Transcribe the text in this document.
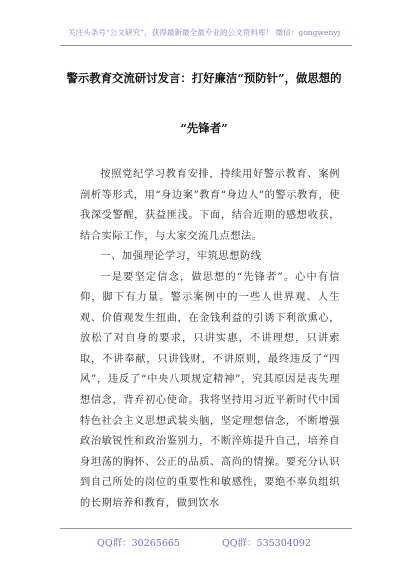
关注头条号“公文研究”，获得最新最全最专业的公文资料库！ 微信：gongwenyj
警示教育交流研讨发言：打好廉洁“预防针”，做思想的
“先锋者”

按照党纪学习教育安排，持续用好警示教育、案例剖析等形式，用“身边案”教育“身边人”的警示教育，使我深受警醒，获益匪浅。下面，结合近期的感想收获，结合实际工作，与大家交流几点想法。

一、加强理论学习，牢筑思想防线

一是要坚定信念，做思想的“先锋者”。心中有信仰，脚下有力量。警示案例中的一些人世界观、人生观、价值观发生扭曲，在金钱利益的引诱下利欲熏心，放松了对自身的要求，只讲实惠，不讲理想，只讲索取，不讲奉献，只讲钱财，不讲原则，最终违反了“四风”，违反了“中央八项规定精神”，究其原因是丧失理想信念，背弃初心使命。我将坚持用习近平新时代中国特色社会主义思想武装头脑，坚定理想信念，不断增强政治敏锐性和政治鉴别力，不断淬炼提升自己，培养自身坦荡的胸怀、公正的品质、高尚的情操。要充分认识到自己所处的岗位的重要性和敏感性，要绝不辜负组织的长期培养和教育，做到饮水

QQ群：30265665	QQ群：535304092
